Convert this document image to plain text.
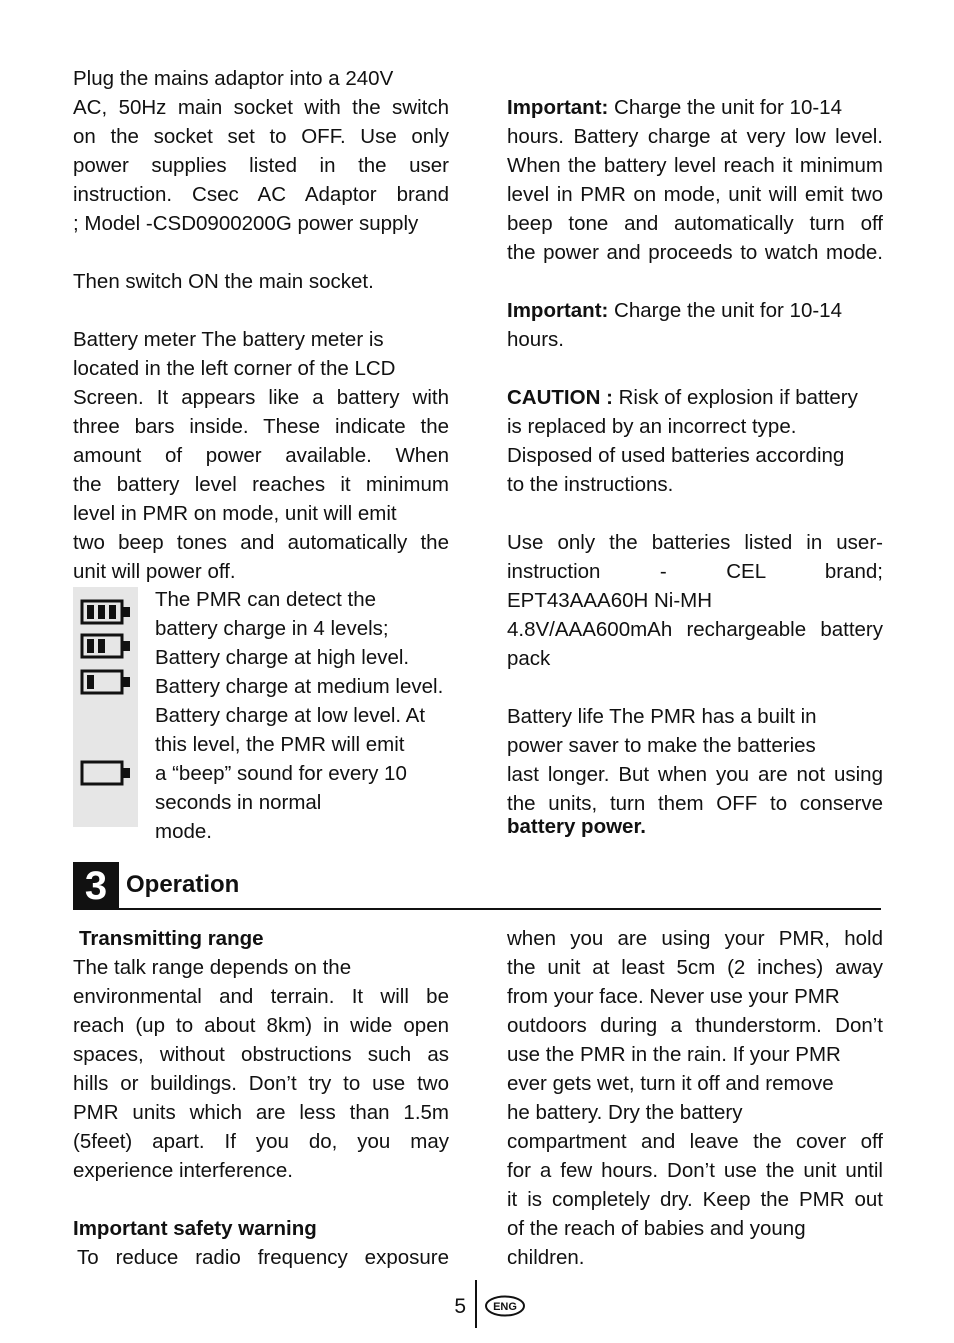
Plug the mains adaptor into a 240V
AC, 50Hz main socket with the switch
on the socket set to OFF. Use only
power supplies listed in the user
instruction. Csec AC Adaptor brand
; Model -CSD0900200G power supply
Then switch ON the main socket.
Battery meter The battery meter is
located in the left corner of the LCD
Screen. It appears like a battery with
three bars inside. These indicate the
amount of power available. When
the battery level reaches it minimum
level in PMR on mode, unit will emit
two beep tones and automatically the
unit will power off.
The PMR can detect the
battery charge in 4 levels;
Battery charge at high level.
Battery charge at medium level.
Battery charge at low level. At
this level, the PMR will emit
a “beep” sound for every 10
seconds in normal
mode.
Important: Charge the unit for 10-14
hours. Battery charge at very low level.
When the battery level reach it minimum
level in PMR on mode, unit will emit two
beep tone and automatically turn off
the power and proceeds to watch mode.
Important: Charge the unit for 10-14
hours.
CAUTION : Risk of explosion if battery
is replaced by an incorrect type.
Disposed of used batteries according
to the instructions.
Use only the batteries listed in user-
instruction - CEL brand;
EPT43AAA60H Ni-MH
4.8V/AAA600mAh rechargeable battery
pack
Battery life The PMR has a built in
power saver to make the batteries
last longer. But when you are not using
the units, turn them OFF to conserve
battery power.
3 Operation
Transmitting range
The talk range depends on the
environmental and terrain. It will be
reach (up to about 8km) in wide open
spaces, without obstructions such as
hills or buildings. Don’t try to use two
PMR units which are less than 1.5m
(5feet) apart. If you do, you may
experience interference.
Important safety warning
To reduce radio frequency exposure
when you are using your PMR, hold
the unit at least 5cm (2 inches) away
from your face. Never use your PMR
outdoors during a thunderstorm. Don’t
use the PMR in the rain. If your PMR
ever gets wet, turn it off and remove
he battery. Dry the battery
compartment and leave the cover off
for a few hours. Don’t use the unit until
it is completely dry. Keep the PMR out
of the reach of babies and young
children.
5 ENG
